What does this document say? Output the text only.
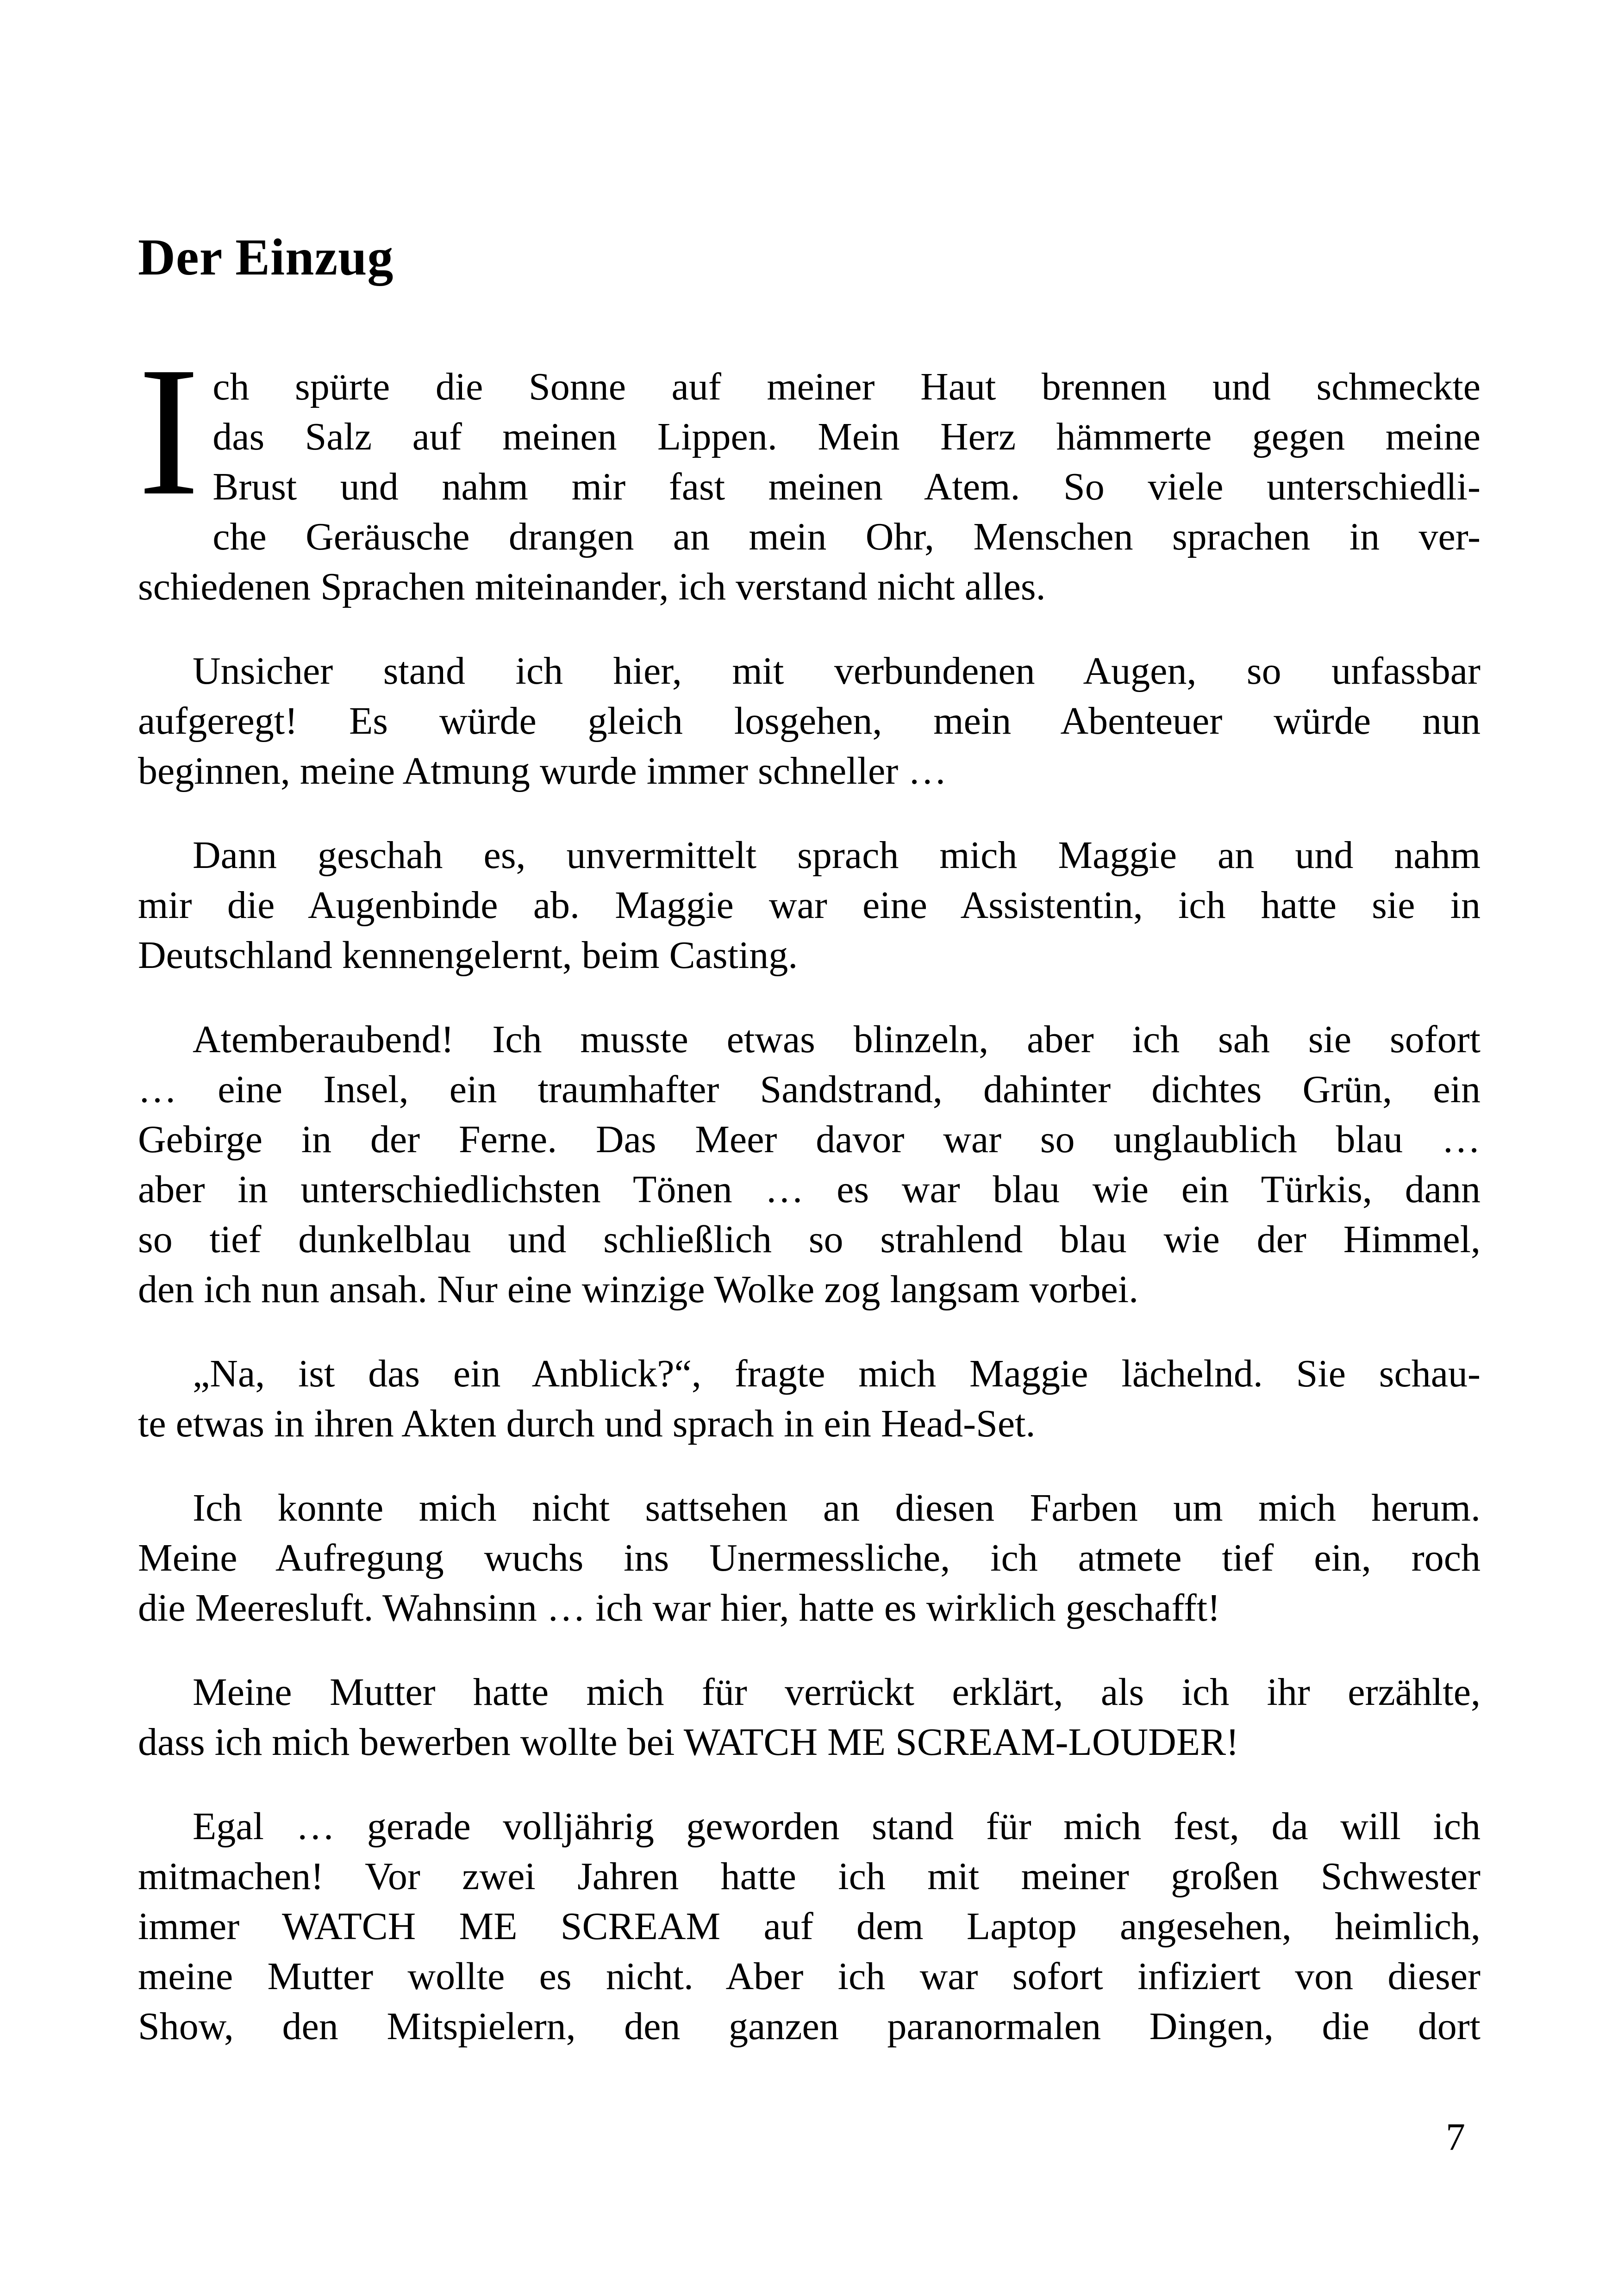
Der Einzug
I ch spürte die Sonne auf meiner Haut brennen und schmeckte
das Salz auf meinen Lippen. Mein Herz hämmerte gegen meine
Brust und nahm mir fast meinen Atem. So viele unterschiedli-
che Geräusche drangen an mein Ohr, Menschen sprachen in ver-
schiedenen Sprachen miteinander, ich verstand nicht alles.
Unsicher stand ich hier, mit verbundenen Augen, so unfassbar
aufgeregt! Es würde gleich losgehen, mein Abenteuer würde nun
beginnen, meine Atmung wurde immer schneller …
Dann geschah es, unvermittelt sprach mich Maggie an und nahm
mir die Augenbinde ab. Maggie war eine Assistentin, ich hatte sie in
Deutschland kennengelernt, beim Casting.
Atemberaubend! Ich musste etwas blinzeln, aber ich sah sie sofort
… eine Insel, ein traumhafter Sandstrand, dahinter dichtes Grün, ein
Gebirge in der Ferne. Das Meer davor war so unglaublich blau …
aber in unterschiedlichsten Tönen … es war blau wie ein Türkis, dann
so tief dunkelblau und schließlich so strahlend blau wie der Himmel,
den ich nun ansah. Nur eine winzige Wolke zog langsam vorbei.
„Na, ist das ein Anblick?“, fragte mich Maggie lächelnd. Sie schau-
te etwas in ihren Akten durch und sprach in ein Head-Set.
Ich konnte mich nicht sattsehen an diesen Farben um mich herum.
Meine Aufregung wuchs ins Unermessliche, ich atmete tief ein, roch
die Meeresluft. Wahnsinn … ich war hier, hatte es wirklich geschafft!
Meine Mutter hatte mich für verrückt erklärt, als ich ihr erzählte,
dass ich mich bewerben wollte bei WATCH ME SCREAM-LOUDER!
Egal … gerade volljährig geworden stand für mich fest, da will ich
mitmachen! Vor zwei Jahren hatte ich mit meiner großen Schwester
immer WATCH ME SCREAM auf dem Laptop angesehen, heimlich,
meine Mutter wollte es nicht. Aber ich war sofort infiziert von dieser
Show, den Mitspielern, den ganzen paranormalen Dingen, die dort
7
